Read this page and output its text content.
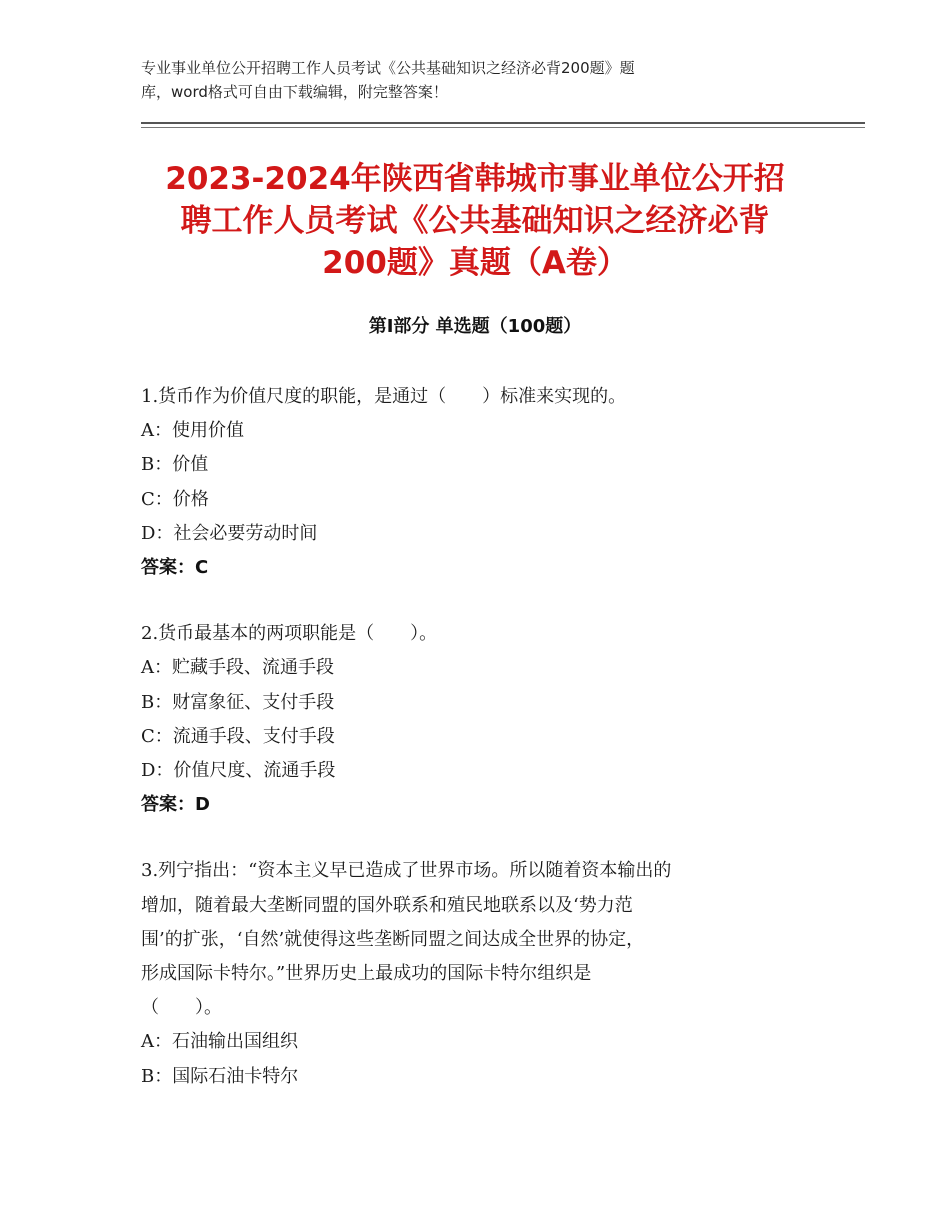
专业事业单位公开招聘工作人员考试《公共基础知识之经济必背200题》题
库，word格式可自由下载编辑，附完整答案！
2023-2024年陕西省韩城市事业单位公开招
聘工作人员考试《公共基础知识之经济必背
200题》真题（A卷）
第Ⅰ部分 单选题（100题）
1.货币作为价值尺度的职能，是通过（　　）标准来实现的。
A：使用价值
B：价值
C：价格
D：社会必要劳动时间
答案：C
2.货币最基本的两项职能是（　　）。
A：贮藏手段、流通手段
B：财富象征、支付手段
C：流通手段、支付手段
D：价值尺度、流通手段
答案：D
3.列宁指出：“资本主义早已造成了世界市场。所以随着资本输出的
增加，随着最大垄断同盟的国外联系和殖民地联系以及‘势力范
围’的扩张，‘自然’就使得这些垄断同盟之间达成全世界的协定，
形成国际卡特尔。”世界历史上最成功的国际卡特尔组织是
（　　）。
A：石油输出国组织
B：国际石油卡特尔
